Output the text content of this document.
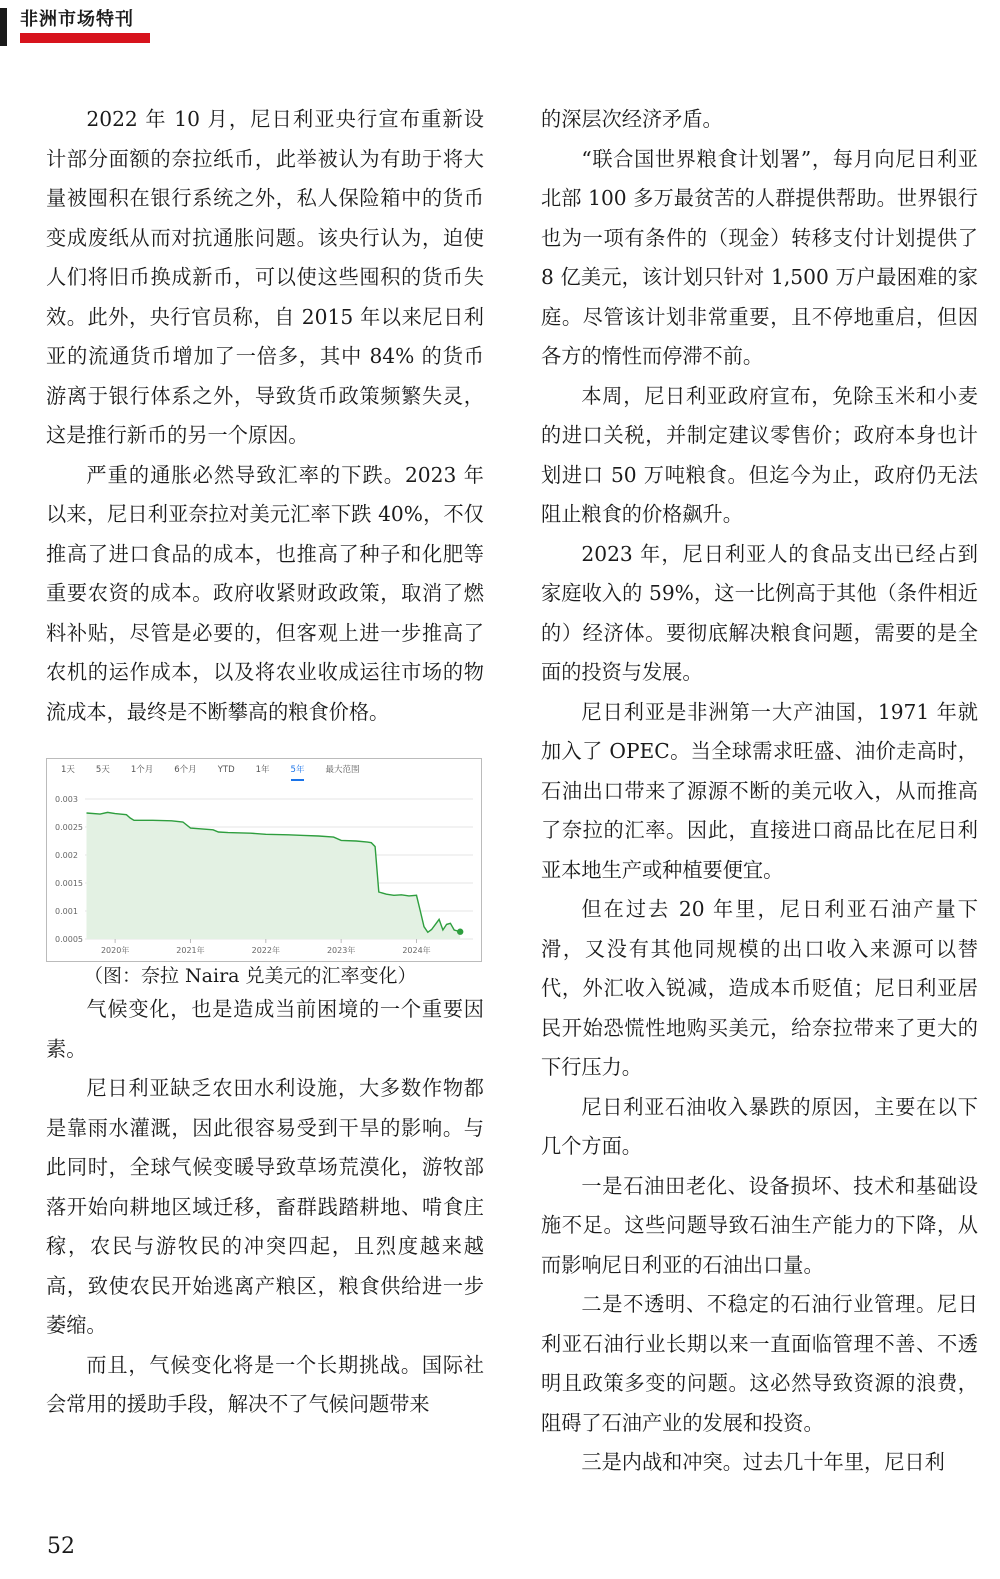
非洲市场特刊

2022 年 10 月，尼日利亚央行宣布重新设计部分面额的奈拉纸币，此举被认为有助于将大量被囤积在银行系统之外，私人保险箱中的货币变成废纸从而对抗通胀问题。该央行认为，迫使人们将旧币换成新币，可以使这些囤积的货币失效。此外，央行官员称，自 2015 年以来尼日利亚的流通货币增加了一倍多，其中 84% 的货币游离于银行体系之外，导致货币政策频繁失灵，这是推行新币的另一个原因。

严重的通胀必然导致汇率的下跌。2023 年以来，尼日利亚奈拉对美元汇率下跌 40%，不仅推高了进口食品的成本，也推高了种子和化肥等重要农资的成本。政府收紧财政政策，取消了燃料补贴，尽管是必要的，但客观上进一步推高了农机的运作成本，以及将农业收成运往市场的物流成本，最终是不断攀高的粮食价格。

1天 5天 1个月 6个月 YTD 1年 5年 最大范围
0.003
0.0025
0.002
0.0015
0.001
0.0005
2020年	2021年	2022年	2023年	2024年

（图：奈拉 Naira 兑美元的汇率变化）

气候变化，也是造成当前困境的一个重要因素。

尼日利亚缺乏农田水利设施，大多数作物都是靠雨水灌溉，因此很容易受到干旱的影响。与此同时，全球气候变暖导致草场荒漠化，游牧部落开始向耕地区域迁移，畜群践踏耕地、啃食庄稼，农民与游牧民的冲突四起，且烈度越来越高，致使农民开始逃离产粮区，粮食供给进一步萎缩。

而且，气候变化将是一个长期挑战。国际社会常用的援助手段，解决不了气候问题带来

的深层次经济矛盾。

“联合国世界粮食计划署”，每月向尼日利亚北部 100 多万最贫苦的人群提供帮助。世界银行也为一项有条件的（现金）转移支付计划提供了 8 亿美元，该计划只针对 1,500 万户最困难的家庭。尽管该计划非常重要，且不停地重启，但因各方的惰性而停滞不前。

本周，尼日利亚政府宣布，免除玉米和小麦的进口关税，并制定建议零售价；政府本身也计划进口 50 万吨粮食。但迄今为止，政府仍无法阻止粮食的价格飙升。

2023 年，尼日利亚人的食品支出已经占到家庭收入的 59%，这一比例高于其他（条件相近的）经济体。要彻底解决粮食问题，需要的是全面的投资与发展。

尼日利亚是非洲第一大产油国，1971 年就加入了 OPEC。当全球需求旺盛、油价走高时，石油出口带来了源源不断的美元收入，从而推高了奈拉的汇率。因此，直接进口商品比在尼日利亚本地生产或种植要便宜。

但在过去 20 年里，尼日利亚石油产量下滑，又没有其他同规模的出口收入来源可以替代，外汇收入锐减，造成本币贬值；尼日利亚居民开始恐慌性地购买美元，给奈拉带来了更大的下行压力。

尼日利亚石油收入暴跌的原因，主要在以下几个方面。

一是石油田老化、设备损坏、技术和基础设施不足。这些问题导致石油生产能力的下降，从而影响尼日利亚的石油出口量。

二是不透明、不稳定的石油行业管理。尼日利亚石油行业长期以来一直面临管理不善、不透明且政策多变的问题。这必然导致资源的浪费，阻碍了石油产业的发展和投资。

三是内战和冲突。过去几十年里，尼日利

52
